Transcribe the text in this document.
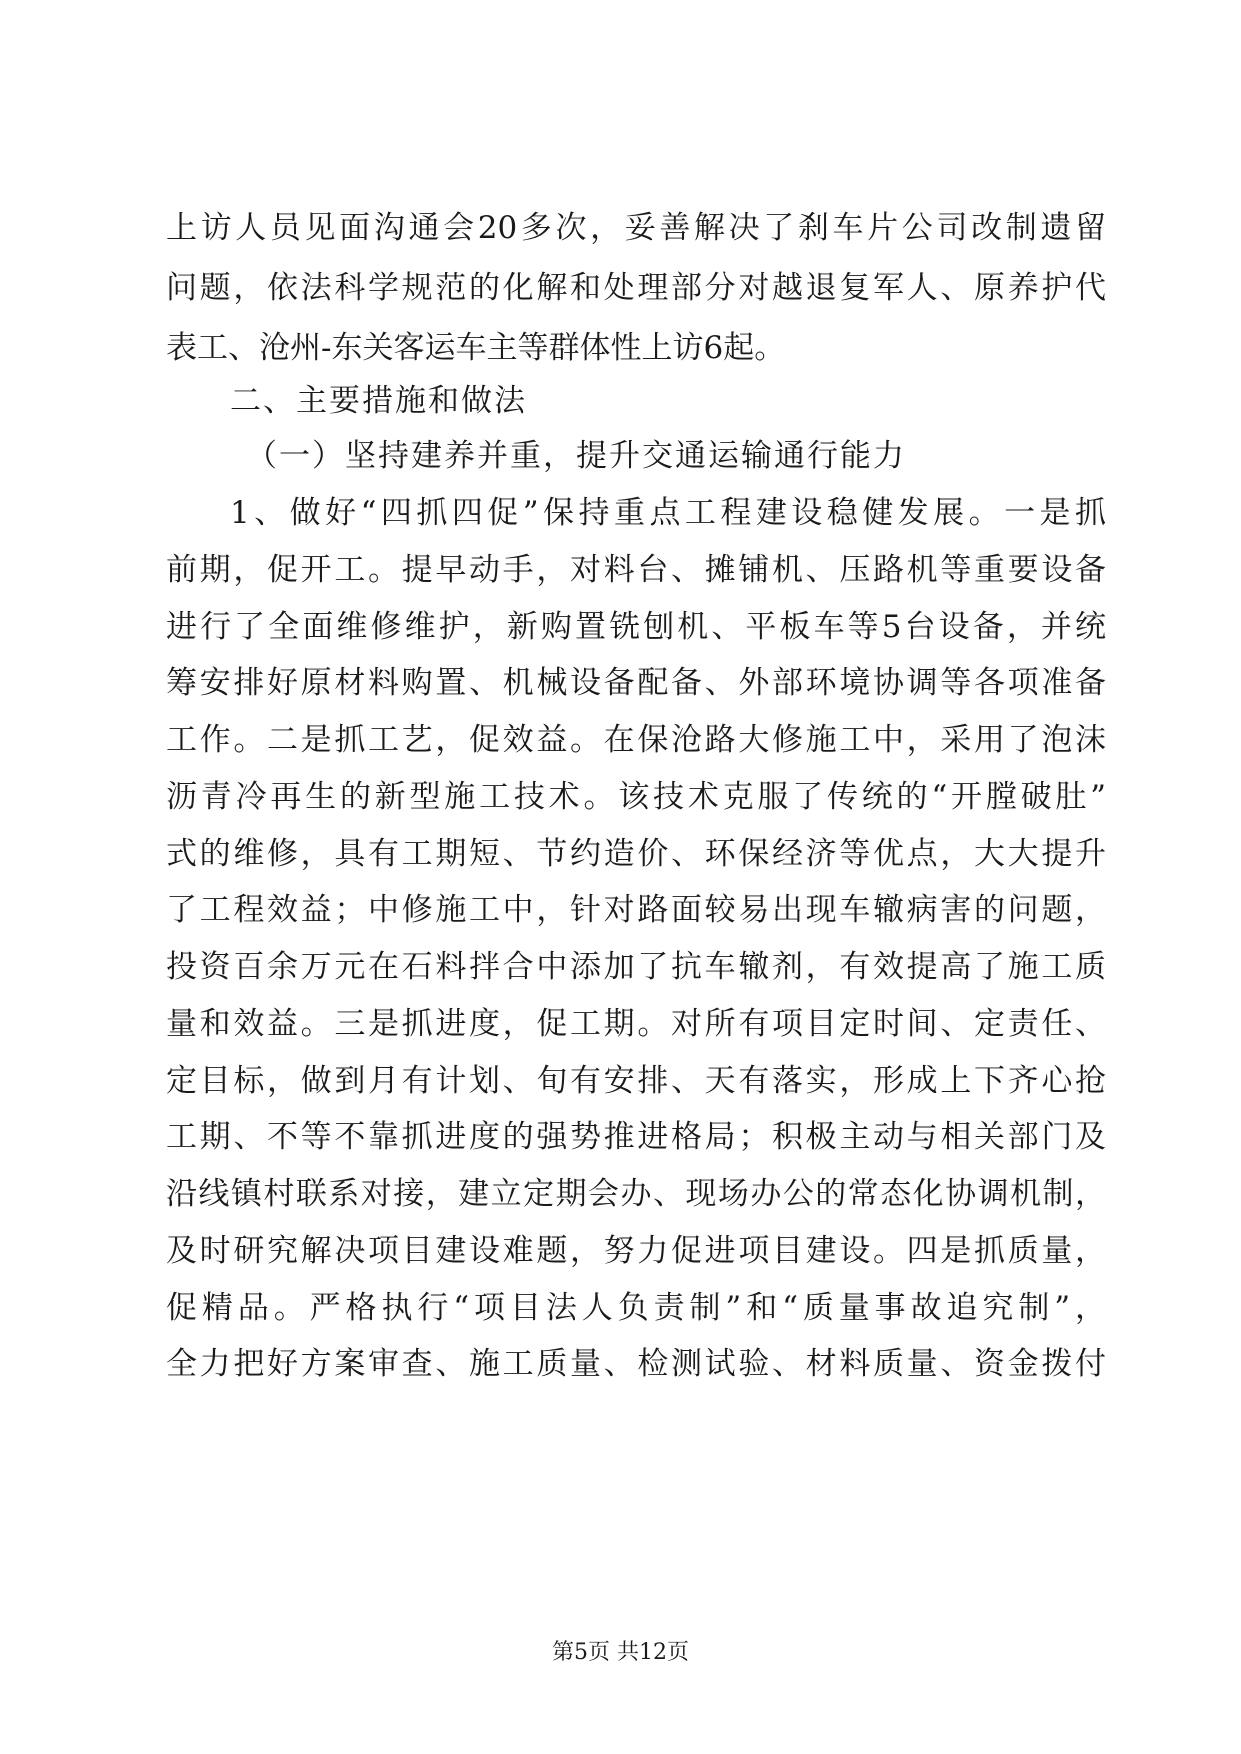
上访人员见面沟通会20多次，妥善解决了刹车片公司改制遗留
问题，依法科学规范的化解和处理部分对越退复军人、原养护代
表工、沧州-东关客运车主等群体性上访6起。
二、主要措施和做法
（一）坚持建养并重，提升交通运输通行能力
1、做好“四抓四促”保持重点工程建设稳健发展。一是抓
前期，促开工。提早动手，对料台、摊铺机、压路机等重要设备
进行了全面维修维护，新购置铣刨机、平板车等5台设备，并统
筹安排好原材料购置、机械设备配备、外部环境协调等各项准备
工作。二是抓工艺，促效益。在保沧路大修施工中，采用了泡沫
沥青冷再生的新型施工技术。该技术克服了传统的“开膛破肚”
式的维修，具有工期短、节约造价、环保经济等优点，大大提升
了工程效益；中修施工中，针对路面较易出现车辙病害的问题，
投资百余万元在石料拌合中添加了抗车辙剂，有效提高了施工质
量和效益。三是抓进度，促工期。对所有项目定时间、定责任、
定目标，做到月有计划、旬有安排、天有落实，形成上下齐心抢
工期、不等不靠抓进度的强势推进格局；积极主动与相关部门及
沿线镇村联系对接，建立定期会办、现场办公的常态化协调机制，
及时研究解决项目建设难题，努力促进项目建设。四是抓质量，
促精品。严格执行“项目法人负责制”和“质量事故追究制”，
全力把好方案审查、施工质量、检测试验、材料质量、资金拨付
第5页 共12页
